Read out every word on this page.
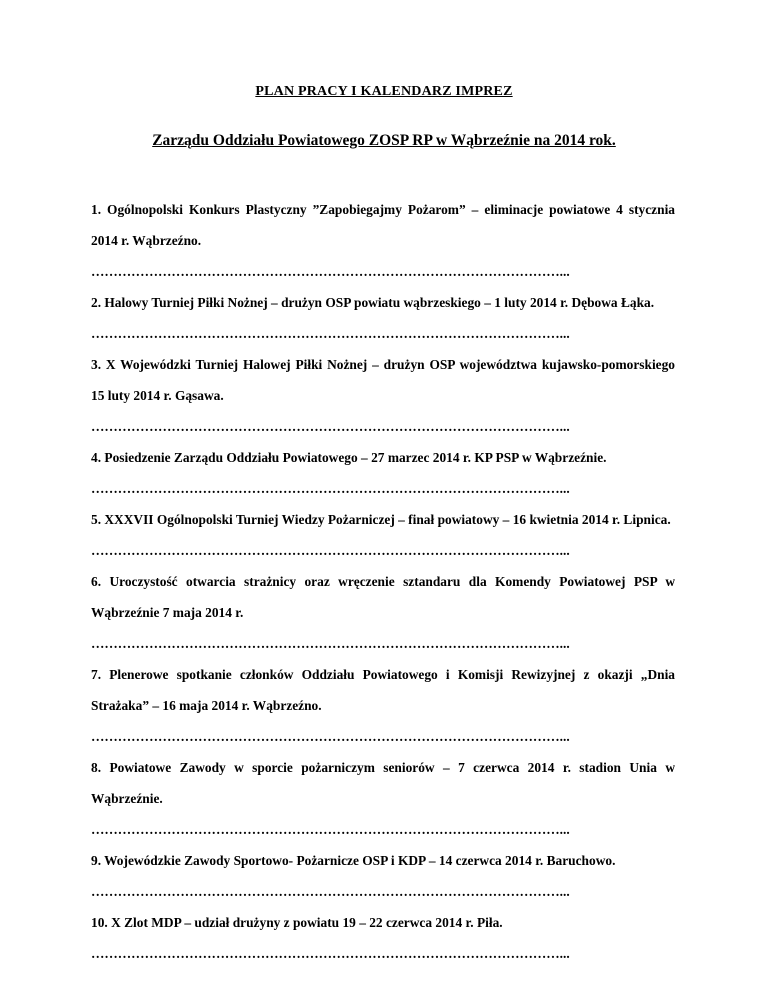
PLAN PRACY I KALENDARZ IMPREZ
Zarządu Oddziału Powiatowego ZOSP RP w Wąbrzeźnie na 2014 rok.
1. Ogólnopolski Konkurs Plastyczny ”Zapobiegajmy Pożarom” – eliminacje powiatowe 4 stycznia 2014 r. Wąbrzeźno.
……………………………………………………………………………………………...
2. Halowy Turniej Piłki Nożnej – drużyn OSP powiatu wąbrzeskiego – 1 luty 2014 r. Dębowa Łąka.
……………………………………………………………………………………………...
3. X Wojewódzki Turniej Halowej Piłki Nożnej – drużyn OSP województwa kujawsko-pomorskiego 15 luty 2014 r. Gąsawa.
……………………………………………………………………………………………...
4. Posiedzenie Zarządu Oddziału Powiatowego – 27 marzec 2014 r. KP PSP w Wąbrzeźnie.
……………………………………………………………………………………………...
5. XXXVII Ogólnopolski Turniej Wiedzy Pożarniczej – finał powiatowy – 16 kwietnia 2014 r. Lipnica.
……………………………………………………………………………………………...
6. Uroczystość otwarcia strażnicy oraz wręczenie sztandaru dla Komendy Powiatowej PSP w Wąbrzeźnie 7 maja 2014 r.
……………………………………………………………………………………………...
7. Plenerowe spotkanie członków Oddziału Powiatowego i Komisji Rewizyjnej z okazji „Dnia Strażaka” – 16 maja 2014 r. Wąbrzeźno.
……………………………………………………………………………………………...
8. Powiatowe Zawody w sporcie pożarniczym seniorów – 7 czerwca 2014 r. stadion Unia w Wąbrzeźnie.
……………………………………………………………………………………………...
9. Wojewódzkie Zawody Sportowo- Pożarnicze OSP i KDP – 14 czerwca 2014 r. Baruchowo.
……………………………………………………………………………………………...
10. X Zlot MDP – udział drużyny z powiatu 19 – 22 czerwca 2014 r. Piła.
……………………………………………………………………………………………...
